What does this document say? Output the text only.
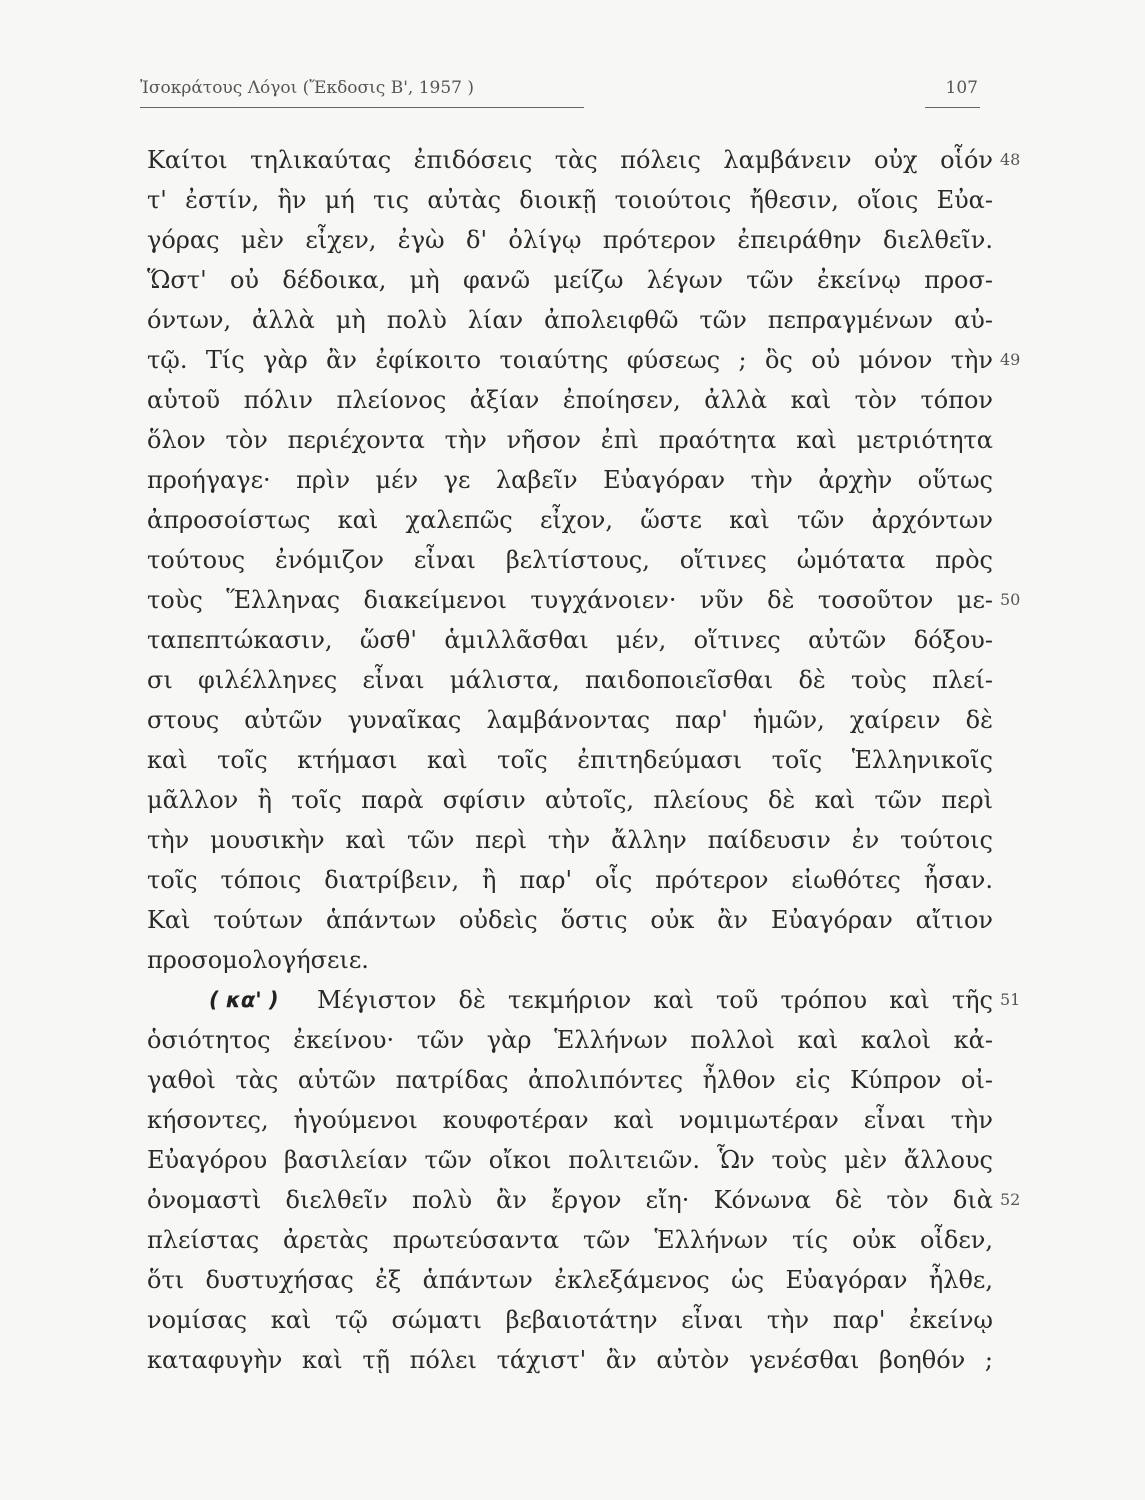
Ἰσοκράτους Λόγοι (Ἔκδοσις Β', 1957 )	107
Καίτοι τηλικαύτας ἐπιδόσεις τὰς πόλεις λαμβάνειν οὐχ οἷόν
τ' ἐστίν, ἣν μή τις αὐτὰς διοικῇ τοιούτοις ἤθεσιν, οἵοις Εὐα-
γόρας μὲν εἶχεν, ἐγὼ δ' ὀλίγῳ πρότερον ἐπειράθην διελθεῖν.
Ὥστ' οὐ δέδοικα, μὴ φανῶ μείζω λέγων τῶν ἐκείνῳ προσ-
όντων, ἀλλὰ μὴ πολὺ λίαν ἀπολειφθῶ τῶν πεπραγμένων αὐ-
τῷ. Τίς γὰρ ἂν ἐφίκοιτο τοιαύτης φύσεως ; ὃς οὐ μόνον τὴν
αὑτοῦ πόλιν πλείονος ἀξίαν ἐποίησεν, ἀλλὰ καὶ τὸν τόπον
ὅλον τὸν περιέχοντα τὴν νῆσον ἐπὶ πραότητα καὶ μετριότητα
προήγαγε· πρὶν μέν γε λαβεῖν Εὐαγόραν τὴν ἀρχὴν οὕτως
ἀπροσοίστως καὶ χαλεπῶς εἶχον, ὥστε καὶ τῶν ἀρχόντων
τούτους ἐνόμιζον εἶναι βελτίστους, οἵτινες ὠμότατα πρὸς
τοὺς Ἕλληνας διακείμενοι τυγχάνοιεν· νῦν δὲ τοσοῦτον με-
ταπεπτώκασιν, ὥσθ' ἁμιλλᾶσθαι μέν, οἵτινες αὐτῶν δόξου-
σι φιλέλληνες εἶναι μάλιστα, παιδοποιεῖσθαι δὲ τοὺς πλεί-
στους αὐτῶν γυναῖκας λαμβάνοντας παρ' ἡμῶν, χαίρειν δὲ
καὶ τοῖς κτήμασι καὶ τοῖς ἐπιτηδεύμασι τοῖς Ἑλληνικοῖς
μᾶλλον ἢ τοῖς παρὰ σφίσιν αὐτοῖς, πλείους δὲ καὶ τῶν περὶ
τὴν μουσικὴν καὶ τῶν περὶ τὴν ἄλλην παίδευσιν ἐν τούτοις
τοῖς τόποις διατρίβειν, ἢ παρ' οἷς πρότερον εἰωθότες ἦσαν.
Καὶ τούτων ἁπάντων οὐδεὶς ὅστις οὐκ ἂν Εὐαγόραν αἴτιον
προσομολογήσειε.
( κα' )	Μέγιστον δὲ τεκμήριον καὶ τοῦ τρόπου καὶ τῆς
ὁσιότητος ἐκείνου· τῶν γὰρ Ἑλλήνων πολλοὶ καὶ καλοὶ κἀ-
γαθοὶ τὰς αὑτῶν πατρίδας ἀπολιπόντες ἦλθον εἰς Κύπρον οἰ-
κήσοντες, ἡγούμενοι κουφοτέραν καὶ νομιμωτέραν εἶναι τὴν
Εὐαγόρου βασιλείαν τῶν οἴκοι πολιτειῶν. Ὧν τοὺς μὲν ἄλλους
ὀνομαστὶ διελθεῖν πολὺ ἂν ἔργον εἴη· Κόνωνα δὲ τὸν διὰ
πλείστας ἀρετὰς πρωτεύσαντα τῶν Ἑλλήνων τίς οὐκ οἶδεν,
ὅτι δυστυχήσας ἐξ ἁπάντων ἐκλεξάμενος ὡς Εὐαγόραν ἦλθε,
νομίσας καὶ τῷ σώματι βεβαιοτάτην εἶναι τὴν παρ' ἐκείνῳ
καταφυγὴν καὶ τῇ πόλει τάχιστ' ἂν αὐτὸν γενέσθαι βοηθόν ;
48
49
50
51
52
